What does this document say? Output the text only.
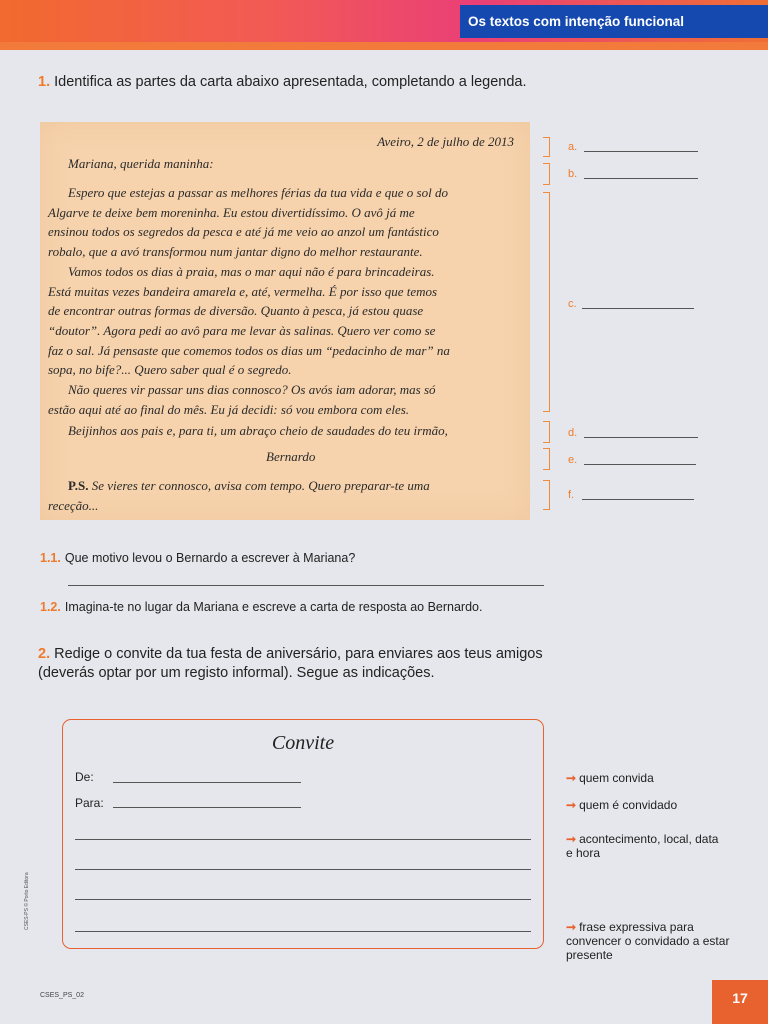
Os textos com intenção funcional
1. Identifica as partes da carta abaixo apresentada, completando a legenda.
Aveiro, 2 de julho de 2013
Mariana, querida maninha:
Espero que estejas a passar as melhores férias da tua vida e que o sol do
Algarve te deixe bem moreninha. Eu estou divertidíssimo. O avô já me
ensinou todos os segredos da pesca e até já me veio ao anzol um fantástico
robalo, que a avó transformou num jantar digno do melhor restaurante.
Vamos todos os dias à praia, mas o mar aqui não é para brincadeiras.
Está muitas vezes bandeira amarela e, até, vermelha. É por isso que temos
de encontrar outras formas de diversão. Quanto à pesca, já estou quase
“doutor”. Agora pedi ao avô para me levar às salinas. Quero ver como se
faz o sal. Já pensaste que comemos todos os dias um “pedacinho de mar” na
sopa, no bife?... Quero saber qual é o segredo.
Não queres vir passar uns dias connosco? Os avós iam adorar, mas só
estão aqui até ao final do mês. Eu já decidi: só vou embora com eles.
Beijinhos aos pais e, para ti, um abraço cheio de saudades do teu irmão,
Bernardo
P.S. Se vieres ter connosco, avisa com tempo. Quero preparar-te uma
receção...
a.
b.
c.
d.
e.
f.
1.1. Que motivo levou o Bernardo a escrever à Mariana?
1.2. Imagina-te no lugar da Mariana e escreve a carta de resposta ao Bernardo.
2. Redige o convite da tua festa de aniversário, para enviares aos teus amigos (deverás optar por um registo informal). Segue as indicações.
Convite
De:
Para:
➞ quem convida
➞ quem é convidado
➞ acontecimento, local, data e hora
➞ frase expressiva para convencer o convidado a estar presente
CSES-PS © Porto Editora
CSES_PS_02	17
